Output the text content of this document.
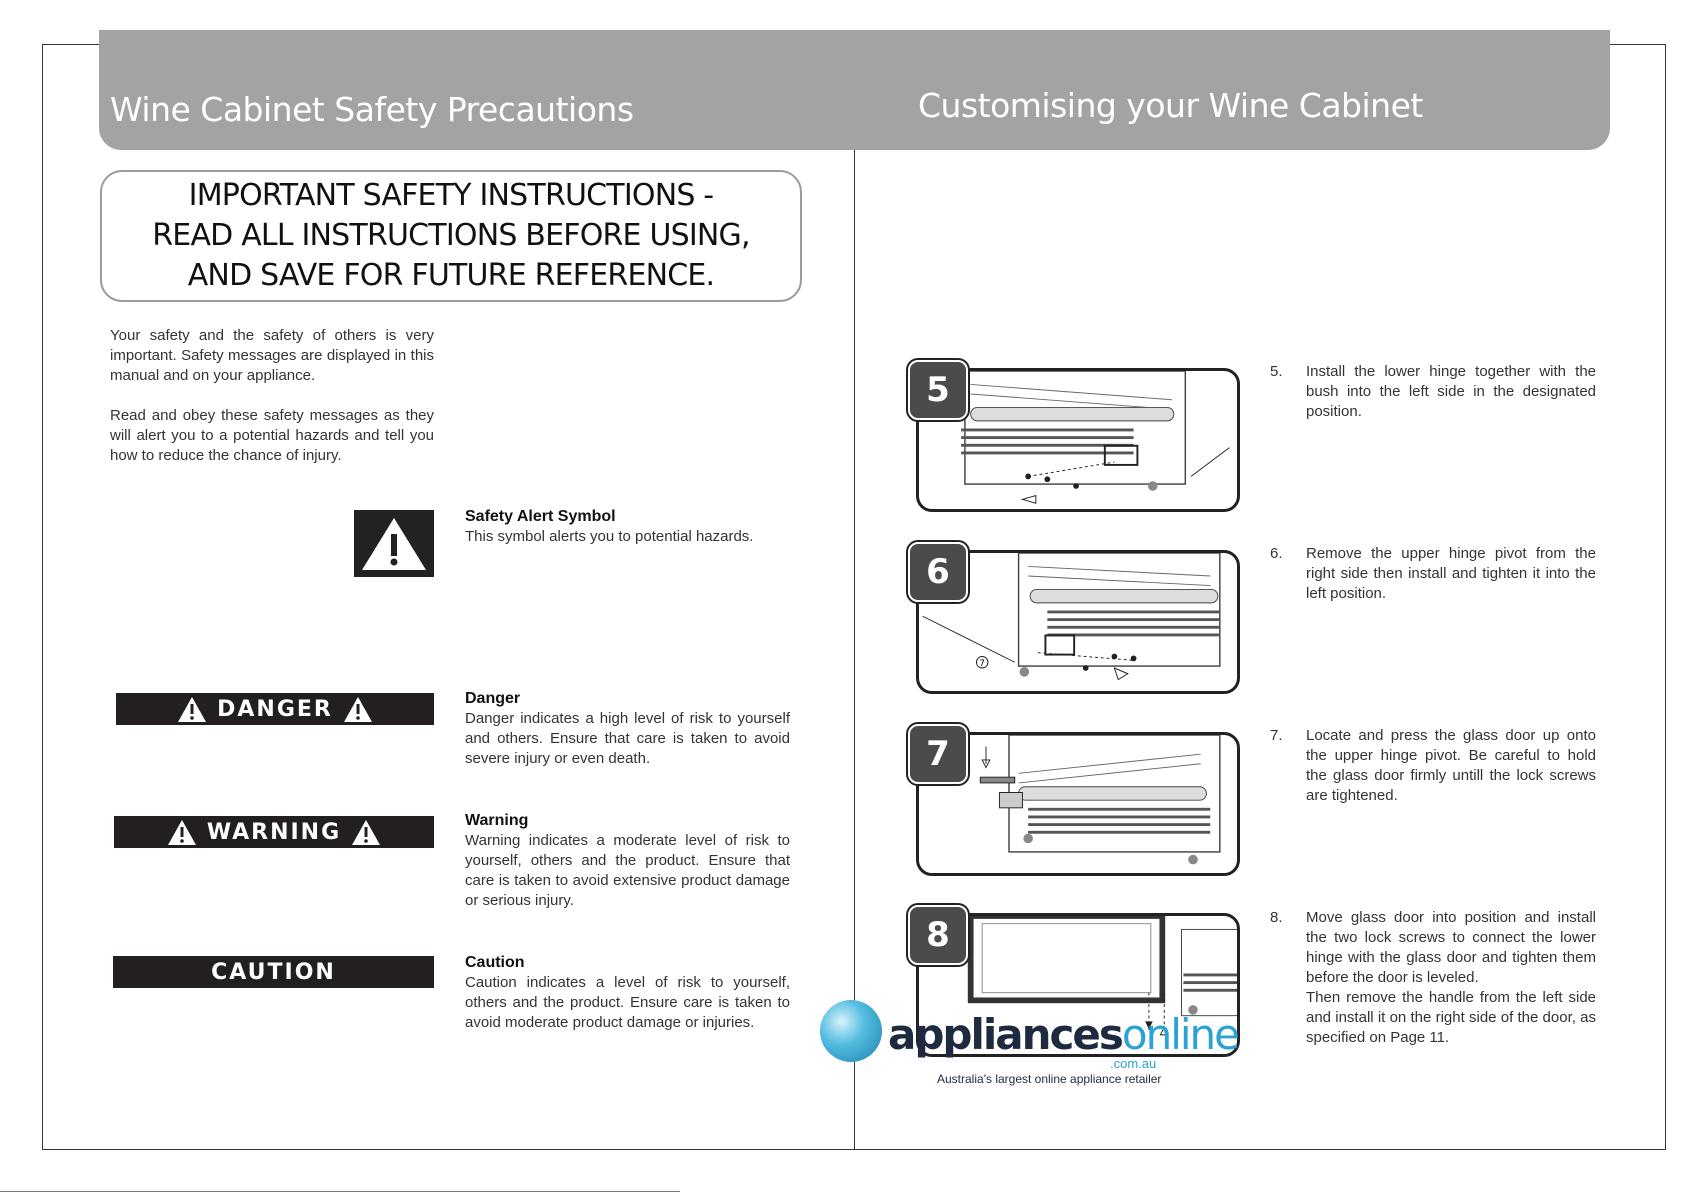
Wine Cabinet Safety Precautions	Customising your Wine Cabinet
IMPORTANT SAFETY INSTRUCTIONS -
READ ALL INSTRUCTIONS BEFORE USING,
AND SAVE FOR FUTURE REFERENCE.

Your safety and the safety of others is very important. Safety messages are displayed in this manual and on your appliance.

Read and obey these safety messages as they will alert you to a potential hazards and tell you how to reduce the chance of injury.

Safety Alert Symbol
This symbol alerts you to potential hazards.
DANGER	Danger
Danger indicates a high level of risk to yourself and others. Ensure that care is taken to avoid severe injury or even death.
WARNING	Warning
Warning indicates a moderate level of risk to yourself, others and the product. Ensure that care is taken to avoid extensive product damage or serious injury.
CAUTION	Caution
Caution indicates a level of risk to yourself, others and the product. Ensure care is taken to avoid moderate product damage or injuries.
5	5. Install the lower hinge together with the bush into the left side in the designated position.
7
6	6. Remove the upper hinge pivot from the right side then install and tighten it into the left position.
7	7. Locate and press the glass door up onto the upper hinge pivot. Be careful to hold the glass door firmly untill the lock screws are tightened.
8	8. Move glass door into position and install the two lock screws to connect the lower hinge with the glass door and tighten them before the door is leveled.
Then remove the handle from the left side and install it on the right side of the door, as specified on Page 11.
appliancesonline
.com.au
Australia's largest online appliance retailer
